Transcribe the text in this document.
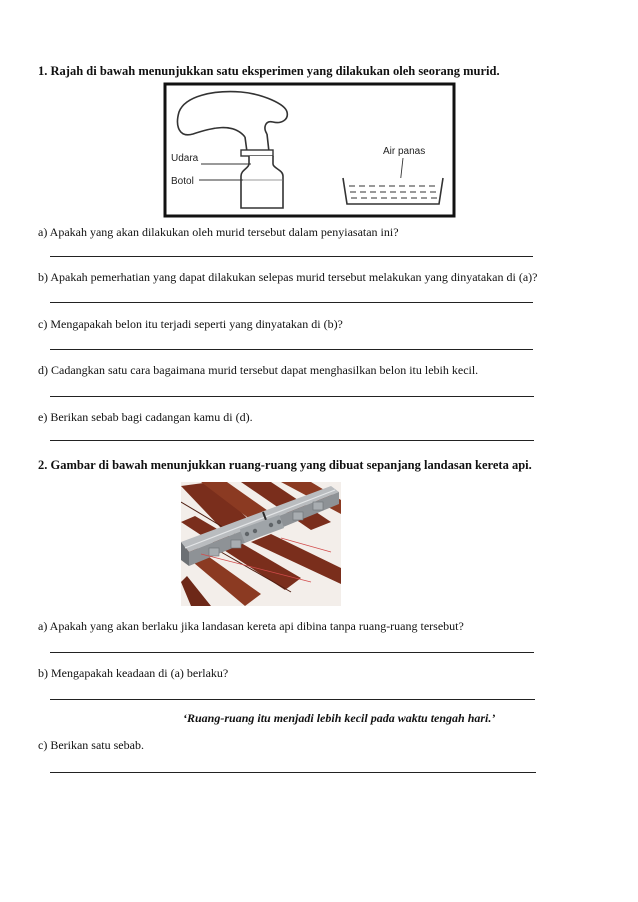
1. Rajah di bawah menunjukkan satu eksperimen yang dilakukan oleh seorang murid.
Udara
Botol
Air panas
a) Apakah yang akan dilakukan oleh murid tersebut dalam penyiasatan ini?
b) Apakah pemerhatian yang dapat dilakukan selepas murid tersebut melakukan yang dinyatakan di (a)?
c) Mengapakah belon itu terjadi seperti yang dinyatakan di (b)?
d) Cadangkan satu cara bagaimana murid tersebut dapat menghasilkan belon itu lebih kecil.
e) Berikan sebab bagi cadangan kamu di (d).
2. Gambar di bawah menunjukkan ruang-ruang yang dibuat sepanjang landasan kereta api.
a) Apakah yang akan berlaku jika landasan kereta api dibina tanpa ruang-ruang tersebut?
b) Mengapakah keadaan di (a) berlaku?
‘Ruang-ruang itu menjadi lebih kecil pada waktu tengah hari.’
c) Berikan satu sebab.
